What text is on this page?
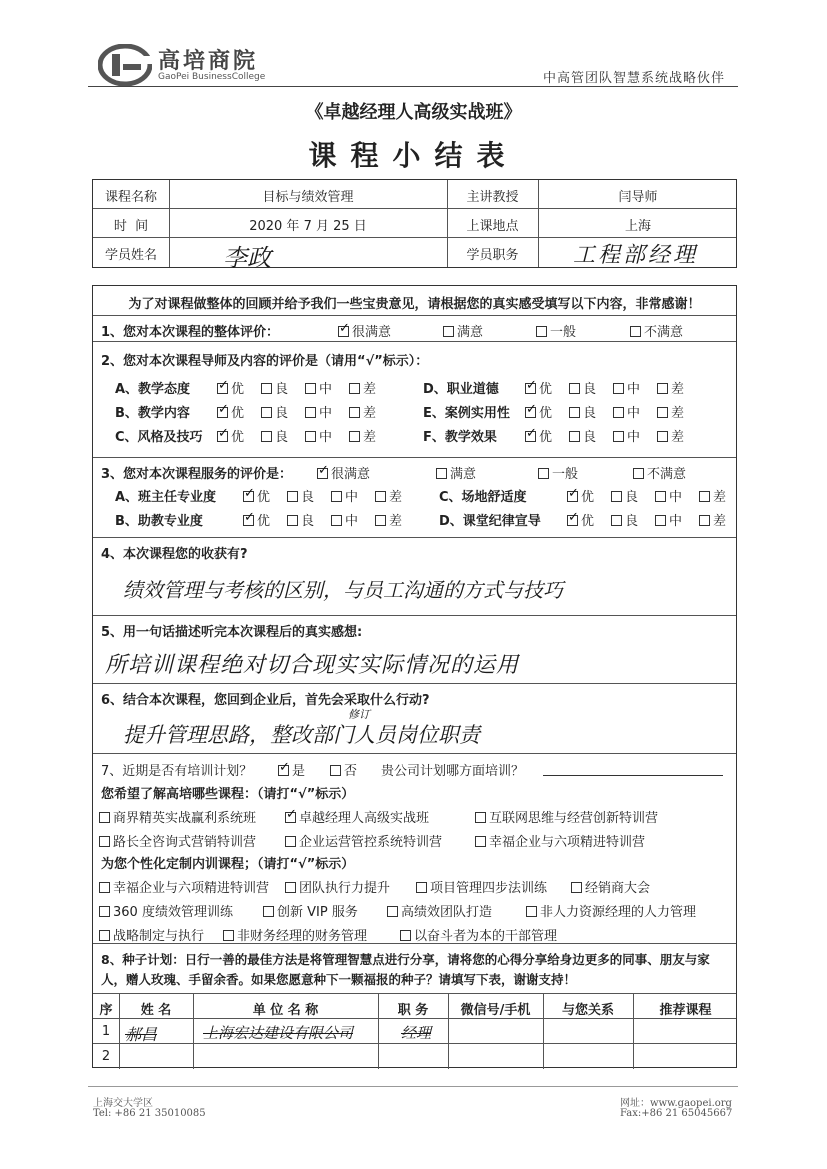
高培商院
GaoPei BusinessCollege	中高管团队智慧系统战略伙伴
《卓越经理人高级实战班》
课程小结表
课程名称	目标与绩效管理	主讲教授	闫导师
时  间	2020 年 7 月 25 日	上课地点	上海
学员姓名	李政	学员职务	工程部经理
为了对课程做整体的回顾并给予我们一些宝贵意见，请根据您的真实感受填写以下内容，非常感谢！
1、您对本次课程的整体评价： ✓	很满意	满意	一般	不满意
2、您对本次课程导师及内容的评价是（请用“√”标示）：
A、教学态度 ✓	优	良	中	差
B、教学内容 ✓	优	良	中	差
C、风格及技巧 ✓	优	良	中	差
D、职业道德 ✓	优	良	中	差
E、案例实用性 ✓	优	良	中	差
F、教学效果 ✓	优	良	中	差
3、您对本次课程服务的评价是： ✓	很满意	满意	一般	不满意
A、班主任专业度 ✓	优	良	中	差
B、助教专业度 ✓	优	良	中	差
C、场地舒适度 ✓	优	良	中	差
D、课堂纪律宣导 ✓	优	良	中	差
4、本次课程您的收获有?
绩效管理与考核的区别，与员工沟通的方式与技巧
5、用一句话描述听完本次课程后的真实感想:
所培训课程绝对切合现实实际情况的运用
6、结合本次课程，您回到企业后，首先会采取什么行动?
修订
提升管理思路，整改部门人员岗位职责
7、近期是否有培训计划？ ✓	是	否 贵公司计划哪方面培训？
您希望了解高培哪些课程：（请打“√”标示）
商界精英实战赢利系统班 ✓	卓越经理人高级实战班	互联网思维与经营创新特训营
路长全咨询式营销特训营	企业运营管控系统特训营	幸福企业与六项精进特训营
为您个性化定制内训课程；（请打“√”标示）
幸福企业与六项精进特训营	团队执行力提升	项目管理四步法训练	经销商大会
360 度绩效管理训练	创新 VIP 服务	高绩效团队打造	非人力资源经理的人力管理
战略制定与执行	非财务经理的财务管理	以奋斗者为本的干部管理
8、种子计划：日行一善的最佳方法是将管理智慧点进行分享，请将您的心得分享给身边更多的同事、朋友与家人，赠人玫瑰、手留余香。如果您愿意种下一颗福报的种子？请填写下表，谢谢支持！
序	姓 名	单 位 名 称	职 务	微信号/手机	与您关系	推荐课程
1 郝昌	上海宏达建设有限公司	经理
2
上海交大学区
Tel: +86 21 35010085
网址：www.gaopei.org
Fax:+86 21 65045667
